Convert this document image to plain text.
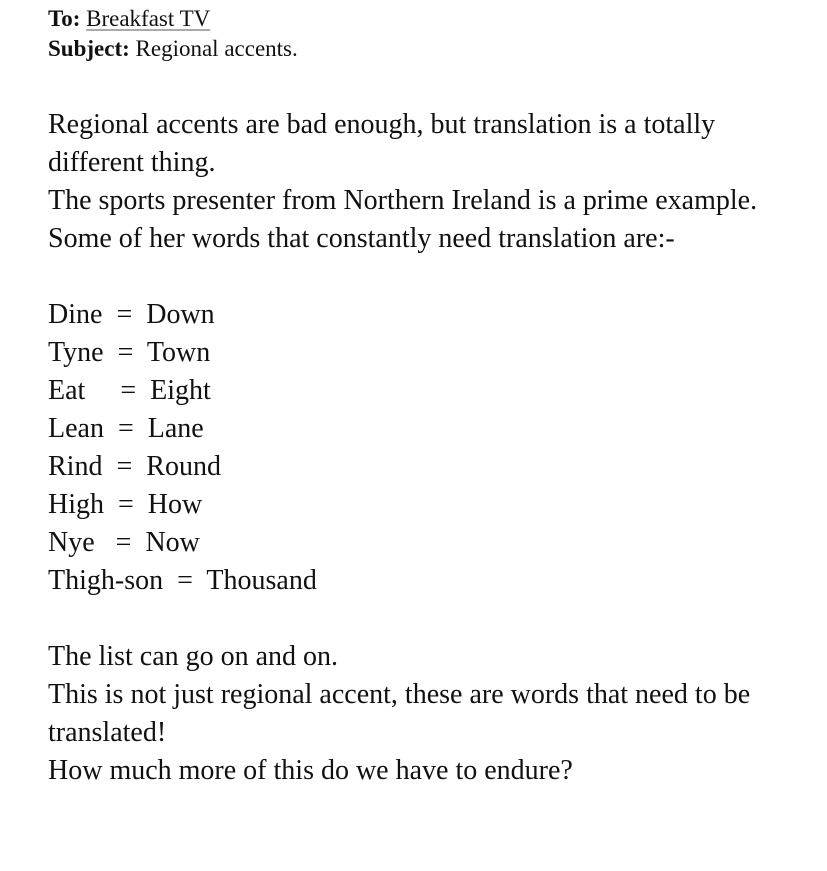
To: Breakfast TV
Subject: Regional accents.

Regional accents are bad enough, but translation is a totally different thing.

The sports presenter from Northern Ireland is a prime example.

Some of her words that constantly need translation are:-

Dine = Down
Tyne = Town
Eat = Eight
Lean = Lane
Rind = Round
High = How
Nye = Now
Thigh-son = Thousand

The list can go on and on.

This is not just regional accent, these are words that need to be translated!

How much more of this do we have to endure?
